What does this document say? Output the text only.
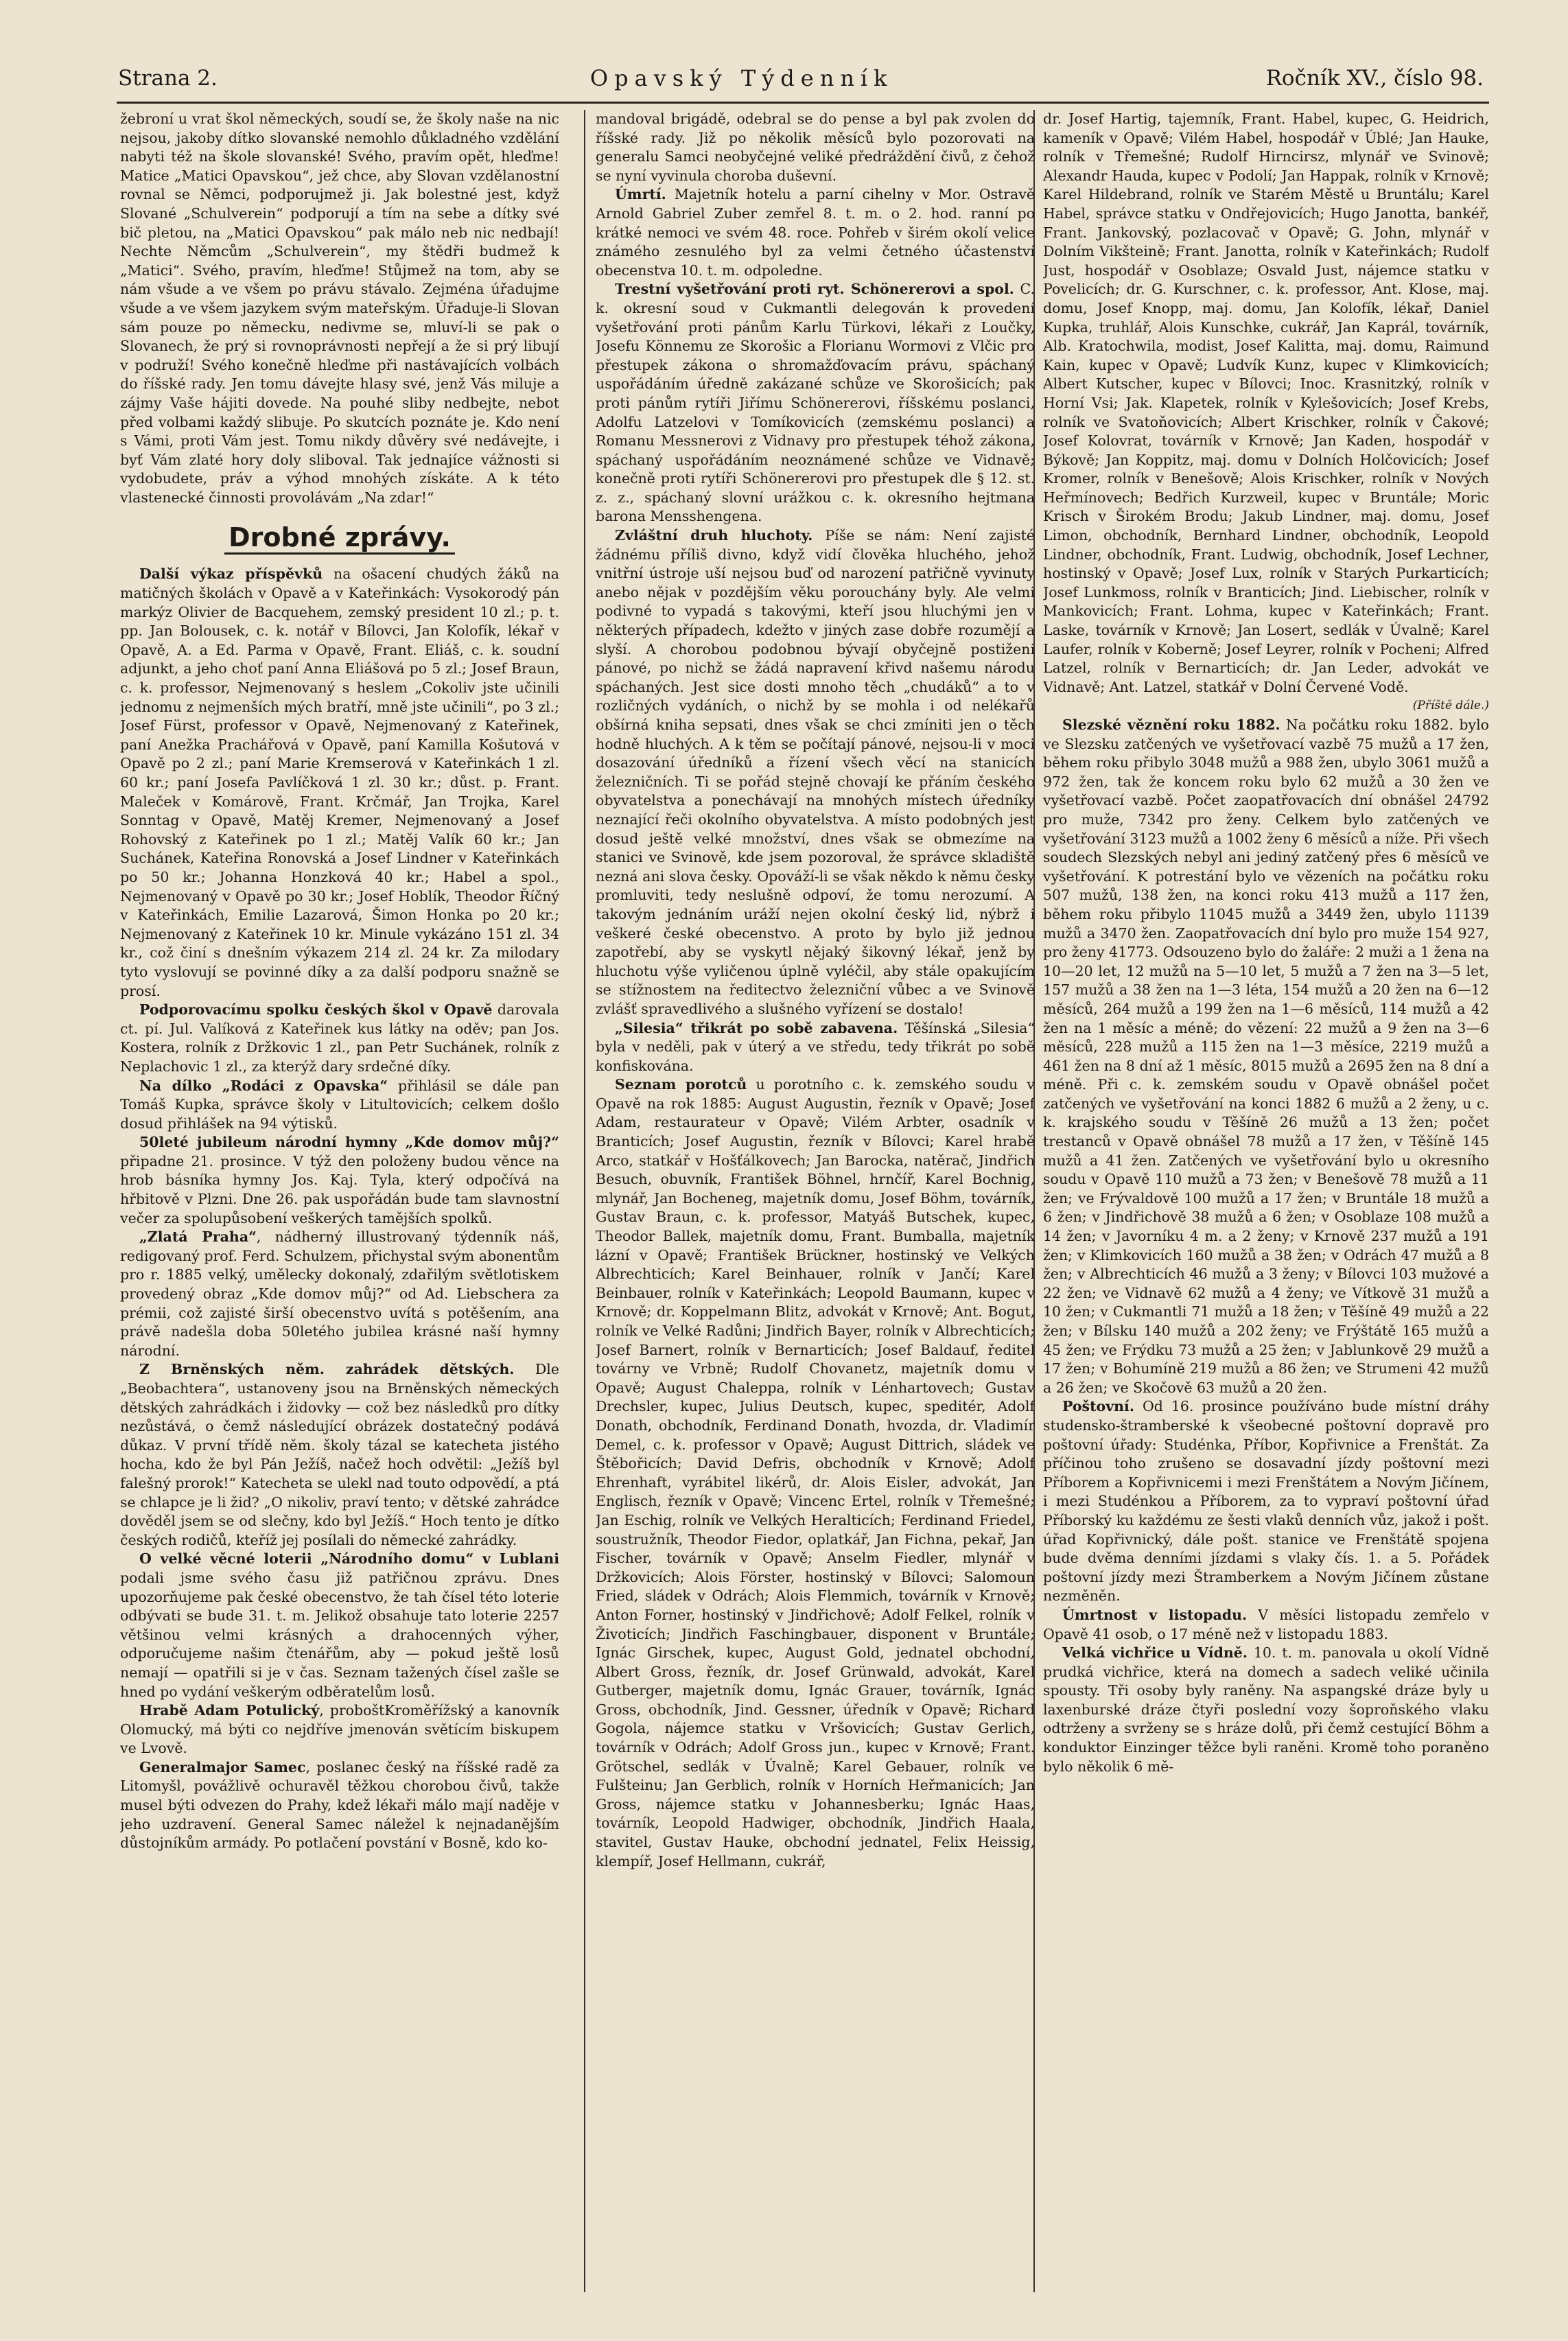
Strana 2.	Opavský Týdenník	Ročník XV., číslo 98.

žebroní u vrat škol německých, soudí se, že školy naše na nic nejsou, jakoby dítko slovanské nemohlo důkladného vzdělání nabyti též na škole slovanské! Svého, pravím opět, hleďme! Matice „Matici Opavskou“, jež chce, aby Slovan vzdělanostní rovnal se Němci, podporujmež ji. Jak bolestné jest, když Slované „Schulverein“ podporují a tím na sebe a dítky své bič pletou, na „Matici Opavskou“ pak málo neb nic nedbají! Nechte Němcům „Schulverein“, my štědři budmež k „Matici“. Svého, pravím, hleďme! Stůjmež na tom, aby se nám všude a ve všem po právu stávalo. Zejména úřadujme všude a ve všem jazykem svým mateřským. Úřaduje-li Slovan sám pouze po německu, nedivme se, mluví-li se pak o Slovanech, že prý si rovnoprávnosti nepřejí a že si prý libují v podruží! Svého konečně hleďme při nastávajících volbách do říšské rady. Jen tomu dávejte hlasy své, jenž Vás miluje a zájmy Vaše hájiti dovede. Na pouhé sliby nedbejte, nebot před volbami každý slibuje. Po skutcích poznáte je. Kdo není s Vámi, proti Vám jest. Tomu nikdy důvěry své nedávejte, i byť Vám zlaté hory doly sliboval. Tak jednajíce vážnosti si vydobudete, práv a výhod mnohých získáte. A k této vlastenecké činnosti provolávám „Na zdar!“

Drobné zprávy.

Další výkaz příspěvků na ošacení chudých žáků na matičných školách v Opavě a v Kateřinkách: Vysokorodý pán markýz Olivier de Bacquehem, zemský president 10 zl.; p. t. pp. Jan Bolousek, c. k. notář v Bílovci, Jan Kolofík, lékař v Opavě, A. a Ed. Parma v Opavě, Frant. Eliáš, c. k. soudní adjunkt, a jeho choť paní Anna Eliášová po 5 zl.; Josef Braun, c. k. professor, Nejmenovaný s heslem „Cokoliv jste učinili jednomu z nejmenších mých bratří, mně jste učinili“, po 3 zl.; Josef Fürst, professor v Opavě, Nejmenovaný z Kateřinek, paní Anežka Prachářová v Opavě, paní Kamilla Košutová v Opavě po 2 zl.; paní Marie Kremserová v Kateřinkách 1 zl. 60 kr.; paní Josefa Pavlíčková 1 zl. 30 kr.; důst. p. Frant. Maleček v Komárově, Frant. Krčmář, Jan Trojka, Karel Sonntag v Opavě, Matěj Kremer, Nejmenovaný a Josef Rohovský z Kateřinek po 1 zl.; Matěj Valík 60 kr.; Jan Suchánek, Kateřina Ronovská a Josef Lindner v Kateřinkách po 50 kr.; Johanna Honzková 40 kr.; Habel a spol., Nejmenovaný v Opavě po 30 kr.; Josef Hoblík, Theodor Říčný v Kateřinkách, Emilie Lazarová, Šimon Honka po 20 kr.; Nejmenovaný z Kateřinek 10 kr. Minule vykázáno 151 zl. 34 kr., což činí s dnešním výkazem 214 zl. 24 kr. Za milodary tyto vyslovují se povinné díky a za další podporu snažně se prosí.

Podporovacímu spolku českých škol v Opavě darovala ct. pí. Jul. Valíková z Kateřinek kus látky na oděv; pan Jos. Kostera, rolník z Držkovic 1 zl., pan Petr Suchánek, rolník z Neplachovic 1 zl., za kterýž dary srdečné díky.

Na dílko „Rodáci z Opavska“ přihlásil se dále pan Tomáš Kupka, správce školy v Litultovicích; celkem došlo dosud přihlášek na 94 výtisků.

50leté jubileum národní hymny „Kde domov můj?“ připadne 21. prosince. V týž den položeny budou věnce na hrob básníka hymny Jos. Kaj. Tyla, který odpočívá na hřbitově v Plzni. Dne 26. pak uspořádán bude tam slavnostní večer za spolupůsobení veškerých tamějších spolků.

„Zlatá Praha“, nádherný illustrovaný týdenník náš, redigovaný prof. Ferd. Schulzem, přichystal svým abonentům pro r. 1885 velký, umělecky dokonalý, zdařilým světlotiskem provedený obraz „Kde domov můj?“ od Ad. Liebschera za prémii, což zajisté širší obecenstvo uvítá s potěšením, ana právě nadešla doba 50letého jubilea krásné naší hymny národní.

Z Brněnských něm. zahrádek dětských. Dle „Beobachtera“, ustanoveny jsou na Brněnských německých dětských zahrádkách i židovky — což bez následků pro dítky nezůstává, o čemž následující obrázek dostatečný podává důkaz. V první třídě něm. školy tázal se katecheta jistého hocha, kdo že byl Pán Ježíš, načež hoch odvětil: „Ježíš byl falešný prorok!“ Katecheta se ulekl nad touto odpovědí, a ptá se chlapce je li žid? „O nikoliv, praví tento; v dětské zahrádce dověděl jsem se od slečny, kdo byl Ježíš.“ Hoch tento je dítko českých rodičů, kteříž jej posílali do německé zahrádky.

O velké věcné loterii „Národního domu“ v Lublani podali jsme svého času již patřičnou zprávu. Dnes upozorňujeme pak české obecenstvo, že tah čísel této loterie odbývati se bude 31. t. m. Jelikož obsahuje tato loterie 2257 většinou velmi krásných a drahocenných výher, odporučujeme našim čtenářům, aby — pokud ještě losů nemají — opatřili si je v čas. Seznam tažených čísel zašle se hned po vydání veškerým odběratelům losů.

Hrabě Adam Potulický, proboštKroměřížský a kanovník Olomucký, má býti co nejdříve jmenován světícím biskupem ve Lvově.

Generalmajor Samec, poslanec český na říšské radě za Litomyšl, povážlivě ochuravěl těžkou chorobou čivů, takže musel býti odvezen do Prahy, kdež lékaři málo mají naděje v jeho uzdravení. General Samec náležel k nejnadanějším důstojníkům armády. Po potlačení povstání v Bosně, kdo ko-

mandoval brigádě, odebral se do pense a byl pak zvolen do říšské rady. Již po několik měsíců bylo pozorovati na generalu Samci neobyčejné veliké předráždění čivů, z čehož se nyní vyvinula choroba duševní.

Úmrtí. Majetník hotelu a parní cihelny v Mor. Ostravě Arnold Gabriel Zuber zemřel 8. t. m. o 2. hod. ranní po krátké nemoci ve svém 48. roce. Pohřeb v širém okolí velice známého zesnulého byl za velmi četného účastenství obecenstva 10. t. m. odpoledne.

Trestní vyšetřování proti ryt. Schönererovi a spol. C. k. okresní soud v Cukmantli delegován k provedení vyšetřování proti pánům Karlu Türkovi, lékaři z Loučky, Josefu Könnemu ze Skorošic a Florianu Wormovi z Vlčic pro přestupek zákona o shromažďovacím právu, spáchaný uspořádáním úředně zakázané schůze ve Skorošicích; pak proti pánům rytíři Jiřímu Schönererovi, říšskému poslanci, Adolfu Latzelovi v Tomíkovicích (zemskému poslanci) a Romanu Messnerovi z Vidnavy pro přestupek téhož zákona, spáchaný uspořádáním neoznámené schůze ve Vidnavě; konečně proti rytíři Schönererovi pro přestupek dle § 12. st. z. z., spáchaný slovní urážkou c. k. okresního hejtmana barona Mensshengena.

Zvláštní druh hluchoty. Píše se nám: Není zajisté žádnému příliš divno, když vidí člověka hluchého, jehož vnitřní ústroje uší nejsou buď od narození patřičně vyvinuty anebo nějak v pozdějším věku porouchány byly. Ale velmi podivné to vypadá s takovými, kteří jsou hluchými jen v některých případech, kdežto v jiných zase dobře rozumějí a slyší. A chorobou podobnou bývají obyčejně postiženi pánové, po nichž se žádá napravení křivd našemu národu spáchaných. Jest sice dosti mnoho těch „chudáků“ a to v rozličných vydáních, o nichž by se mohla i od nelékařů obšírná kniha sepsati, dnes však se chci zmíniti jen o těch hodně hluchých. A k těm se počítají pánové, nejsou-li v moci dosazování úředníků a řízení všech věcí na stanicích železničních. Ti se pořád stejně chovají ke přáním českého obyvatelstva a ponechávají na mnohých místech úředníky neznající řeči okolního obyvatelstva. A místo podobných jest dosud ještě velké množství, dnes však se obmezíme na stanici ve Svinově, kde jsem pozoroval, že správce skladiště nezná ani slova česky. Opováží-li se však někdo k němu česky promluviti, tedy neslušně odpoví, že tomu nerozumí. A takovým jednáním uráží nejen okolní český lid, nýbrž i veškeré české obecenstvo. A proto by bylo již jednou zapotřebí, aby se vyskytl nějaký šikovný lékař, jenž by hluchotu výše vyličenou úplně vyléčil, aby stále opakujícím se stížnostem na ředitectvo železniční vůbec a ve Svinově zvlášť spravedlivého a slušného vyřízení se dostalo!

„Silesia“ třikrát po sobě zabavena. Těšínská „Silesia“ byla v neděli, pak v úterý a ve středu, tedy třikrát po sobě konfiskována.

Seznam porotců u porotního c. k. zemského soudu v Opavě na rok 1885: August Augustin, řezník v Opavě; Josef Adam, restaurateur v Opavě; Vilém Arbter, osadník v Branticích; Josef Augustin, řezník v Bílovci; Karel hrabě Arco, statkář v Hošťálkovech; Jan Barocka, natěrač, Jindřich Besuch, obuvník, František Böhnel, hrnčíř, Karel Bochnig, mlynář, Jan Bocheneg, majetník domu, Josef Böhm, továrník, Gustav Braun, c. k. professor, Matyáš Butschek, kupec, Theodor Ballek, majetník domu, Frant. Bumballa, majetník lázní v Opavě; František Brückner, hostinský ve Velkých Albrechticích; Karel Beinhauer, rolník v Jančí; Karel Beinbauer, rolník v Kateřinkách; Leopold Baumann, kupec v Krnově; dr. Koppelmann Blitz, advokát v Krnově; Ant. Bogut, rolník ve Velké Radůni; Jindřich Bayer, rolník v Albrechticích; Josef Barnert, rolník v Bernarticích; Josef Baldauf, ředitel továrny ve Vrbně; Rudolf Chovanetz, majetník domu v Opavě; August Chaleppa, rolník v Lénhartovech; Gustav Drechsler, kupec, Julius Deutsch, kupec, speditér, Adolf Donath, obchodník, Ferdinand Donath, hvozda, dr. Vladimír Demel, c. k. professor v Opavě; August Dittrich, sládek ve Štěbořicích; David Defris, obchodník v Krnově; Adolf Ehrenhaft, vyrábitel likérů, dr. Alois Eisler, advokát, Jan Englisch, řezník v Opavě; Vincenc Ertel, rolník v Třemešné; Jan Eschig, rolník ve Velkých Heralticích; Ferdinand Friedel, soustružník, Theodor Fiedor, oplatkář, Jan Fichna, pekař, Jan Fischer, továrník v Opavě; Anselm Fiedler, mlynář v Držkovicích; Alois Förster, hostinský v Bílovci; Salomoun Fried, sládek v Odrách; Alois Flemmich, továrník v Krnově; Anton Forner, hostinský v Jindřichově; Adolf Felkel, rolník v Životicích; Jindřich Faschingbauer, disponent v Bruntále; Ignác Girschek, kupec, August Gold, jednatel obchodní, Albert Gross, řezník, dr. Josef Grünwald, advokát, Karel Gutberger, majetník domu, Ignác Grauer, továrník, Ignác Gross, obchodník, Jind. Gessner, úředník v Opavě; Richard Gogola, nájemce statku v Vršovicích; Gustav Gerlich, továrník v Odrách; Adolf Gross jun., kupec v Krnově; Frant. Grötschel, sedlák v Úvalně; Karel Gebauer, rolník ve Fulšteinu; Jan Gerblich, rolník v Horních Heřmanicích; Jan Gross, nájemce statku v Johannesberku; Ignác Haas, továrník, Leopold Hadwiger, obchodník, Jindřich Haala, stavitel, Gustav Hauke, obchodní jednatel, Felix Heissig, klempíř, Josef Hellmann, cukrář,

dr. Josef Hartig, tajemník, Frant. Habel, kupec, G. Heidrich, kameník v Opavě; Vilém Habel, hospodář v Úblé; Jan Hauke, rolník v Třemešné; Rudolf Hirncirsz, mlynář ve Svinově; Alexandr Hauda, kupec v Podolí; Jan Happak, rolník v Krnově; Karel Hildebrand, rolník ve Starém Městě u Bruntálu; Karel Habel, správce statku v Ondřejovicích; Hugo Janotta, bankéř, Frant. Jankovský, pozlacovač v Opavě; G. John, mlynář v Dolním Vikšteině; Frant. Janotta, rolník v Kateřinkách; Rudolf Just, hospodář v Osoblaze; Osvald Just, nájemce statku v Povelicích; dr. G. Kurschner, c. k. professor, Ant. Klose, maj. domu, Josef Knopp, maj. domu, Jan Kolofík, lékař, Daniel Kupka, truhlář, Alois Kunschke, cukrář, Jan Kaprál, továrník, Alb. Kratochwila, modist, Josef Kalitta, maj. domu, Raimund Kain, kupec v Opavě; Ludvík Kunz, kupec v Klimkovicích; Albert Kutscher, kupec v Bílovci; Inoc. Krasnitzký, rolník v Horní Vsi; Jak. Klapetek, rolník v Kylešovicích; Josef Krebs, rolník ve Svatoňovicích; Albert Krischker, rolník v Čakové; Josef Kolovrat, továrník v Krnově; Jan Kaden, hospodář v Býkově; Jan Koppitz, maj. domu v Dolních Holčovicích; Josef Kromer, rolník v Benešově; Alois Krischker, rolník v Nových Heřmínovech; Bedřich Kurzweil, kupec v Bruntále; Moric Krisch v Širokém Brodu; Jakub Lindner, maj. domu, Josef Limon, obchodník, Bernhard Lindner, obchodník, Leopold Lindner, obchodník, Frant. Ludwig, obchodník, Josef Lechner, hostinský v Opavě; Josef Lux, rolník v Starých Purkarticích; Josef Lunkmoss, rolník v Branticích; Jind. Liebischer, rolník v Mankovicích; Frant. Lohma, kupec v Kateřinkách; Frant. Laske, továrník v Krnově; Jan Losert, sedlák v Úvalně; Karel Laufer, rolník v Koberně; Josef Leyrer, rolník v Pocheni; Alfred Latzel, rolník v Bernarticích; dr. Jan Leder, advokát ve Vidnavě; Ant. Latzel, statkář v Dolní Červené Vodě.

(Příště dále.)

Slezské věznění roku 1882. Na počátku roku 1882. bylo ve Slezsku zatčených ve vyšetřovací vazbě 75 mužů a 17 žen, během roku přibylo 3048 mužů a 988 žen, ubylo 3061 mužů a 972 žen, tak že koncem roku bylo 62 mužů a 30 žen ve vyšetřovací vazbě. Počet zaopatřovacích dní obnášel 24792 pro muže, 7342 pro ženy. Celkem bylo zatčených ve vyšetřování 3123 mužů a 1002 ženy 6 měsíců a níže. Při všech soudech Slezských nebyl ani jediný zatčený přes 6 měsíců ve vyšetřování. K potrestání bylo ve vězeních na počátku roku 507 mužů, 138 žen, na konci roku 413 mužů a 117 žen, během roku přibylo 11045 mužů a 3449 žen, ubylo 11139 mužů a 3470 žen. Zaopatřovacích dní bylo pro muže 154 927, pro ženy 41773. Odsouzeno bylo do žaláře: 2 muži a 1 žena na 10—20 let, 12 mužů na 5—10 let, 5 mužů a 7 žen na 3—5 let, 157 mužů a 38 žen na 1—3 léta, 154 mužů a 20 žen na 6—12 měsíců, 264 mužů a 199 žen na 1—6 měsíců, 114 mužů a 42 žen na 1 měsíc a méně; do vězení: 22 mužů a 9 žen na 3—6 měsíců, 228 mužů a 115 žen na 1—3 měsíce, 2219 mužů a 461 žen na 8 dní až 1 měsíc, 8015 mužů a 2695 žen na 8 dní a méně. Při c. k. zemském soudu v Opavě obnášel počet zatčených ve vyšetřování na konci 1882 6 mužů a 2 ženy, u c. k. krajského soudu v Těšíně 26 mužů a 13 žen; počet trestanců v Opavě obnášel 78 mužů a 17 žen, v Těšíně 145 mužů a 41 žen. Zatčených ve vyšetřování bylo u okresního soudu v Opavě 110 mužů a 73 žen; v Benešově 78 mužů a 11 žen; ve Frývaldově 100 mužů a 17 žen; v Bruntále 18 mužů a 6 žen; v Jindřichově 38 mužů a 6 žen; v Osoblaze 108 mužů a 14 žen; v Javorníku 4 m. a 2 ženy; v Krnově 237 mužů a 191 žen; v Klimkovicích 160 mužů a 38 žen; v Odrách 47 mužů a 8 žen; v Albrechticích 46 mužů a 3 ženy; v Bílovci 103 mužové a 22 žen; ve Vidnavě 62 mužů a 4 ženy; ve Vítkově 31 mužů a 10 žen; v Cukmantli 71 mužů a 18 žen; v Těšíně 49 mužů a 22 žen; v Bílsku 140 mužů a 202 ženy; ve Frýštátě 165 mužů a 45 žen; ve Frýdku 73 mužů a 25 žen; v Jablunkově 29 mužů a 17 žen; v Bohumíně 219 mužů a 86 žen; ve Strumeni 42 mužů a 26 žen; ve Skočově 63 mužů a 20 žen.

Poštovní. Od 16. prosince používáno bude místní dráhy studensko-štramberské k všeobecné poštovní dopravě pro poštovní úřady: Studénka, Příbor, Kopřivnice a Frenštát. Za příčinou toho zrušeno se dosavadní jízdy poštovní mezi Příborem a Kopřivnicemi i mezi Frenštátem a Novým Jičínem, i mezi Studénkou a Příborem, za to vypraví poštovní úřad Příborský ku každému ze šesti vlaků denních vůz, jakož i pošt. úřad Kopřivnický, dále pošt. stanice ve Frenštátě spojena bude dvěma denními jízdami s vlaky čís. 1. a 5. Pořádek poštovní jízdy mezi Štramberkem a Novým Jičínem zůstane nezměněn.

Úmrtnost v listopadu. V měsíci listopadu zemřelo v Opavě 41 osob, o 17 méně než v listopadu 1883.

Velká vichřice u Vídně. 10. t. m. panovala u okolí Vídně prudká vichřice, která na domech a sadech veliké učinila spousty. Tři osoby byly raněny. Na aspangské dráze byly u laxenburské dráze čtyři poslední vozy šoproňského vlaku odtrženy a svrženy se s hráze dolů, při čemž cestující Böhm a konduktor Einzinger těžce byli raněni. Kromě toho poraněno bylo několik 6 mě-
